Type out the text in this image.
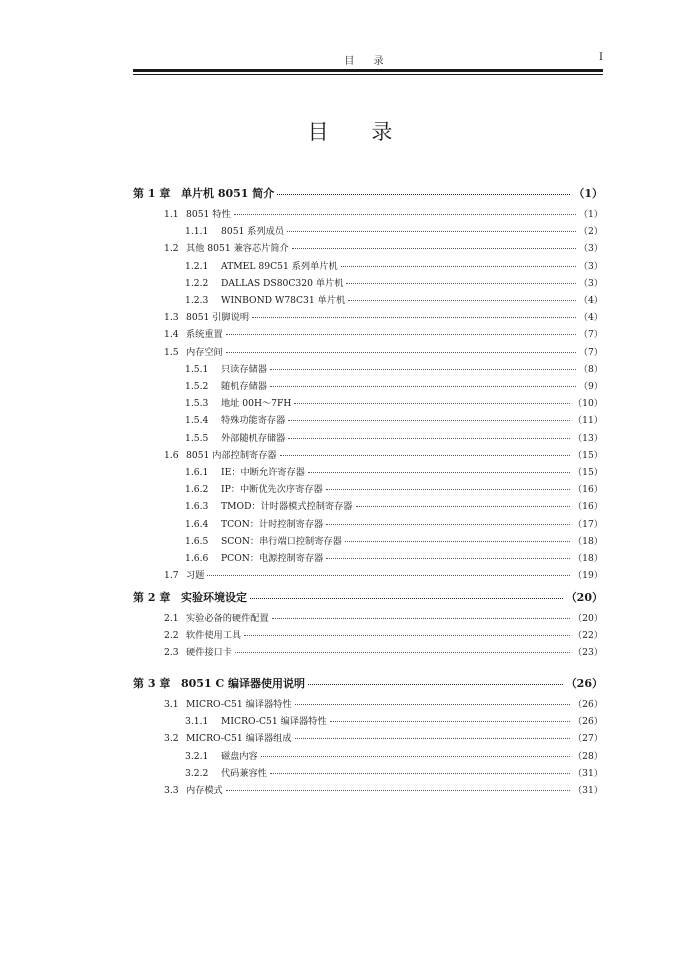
目 录	I
目 录
第 1 章 单片机 8051 简介	（1）
1.1 8051 特性	（1）
1.1.1	8051 系列成员	（2）
1.2 其他 8051 兼容芯片简介	（3）
1.2.1	ATMEL 89C51 系列单片机	（3）
1.2.2	DALLAS DS80C320 单片机	（3）
1.2.3	WINBOND W78C31 单片机	（4）
1.3 8051 引脚说明	（4）
1.4 系统重置	（7）
1.5 内存空间	（7）
1.5.1	只读存储器	（8）
1.5.2	随机存储器	（9）
1.5.3	地址 00H～7FH	（10）
1.5.4	特殊功能寄存器	（11）
1.5.5	外部随机存储器	（13）
1.6 8051 内部控制寄存器	（15）
1.6.1	IE：中断允许寄存器	（15）
1.6.2	IP：中断优先次序寄存器	（16）
1.6.3	TMOD：计时器模式控制寄存器	（16）
1.6.4	TCON：计时控制寄存器	（17）
1.6.5	SCON：串行端口控制寄存器	（18）
1.6.6	PCON：电源控制寄存器	（18）
1.7 习题	（19）
第 2 章 实验环境设定	（20）
2.1 实验必备的硬件配置	（20）
2.2 软件使用工具	（22）
2.3 硬件接口卡	（23）
第 3 章 8051 C 编译器使用说明	（26）
3.1 MICRO-C51 编译器特性	（26）
3.1.1	MICRO-C51 编译器特性	（26）
3.2 MICRO-C51 编译器组成	（27）
3.2.1	磁盘内容	（28）
3.2.2	代码兼容性	（31）
3.3 内存模式	（31）
